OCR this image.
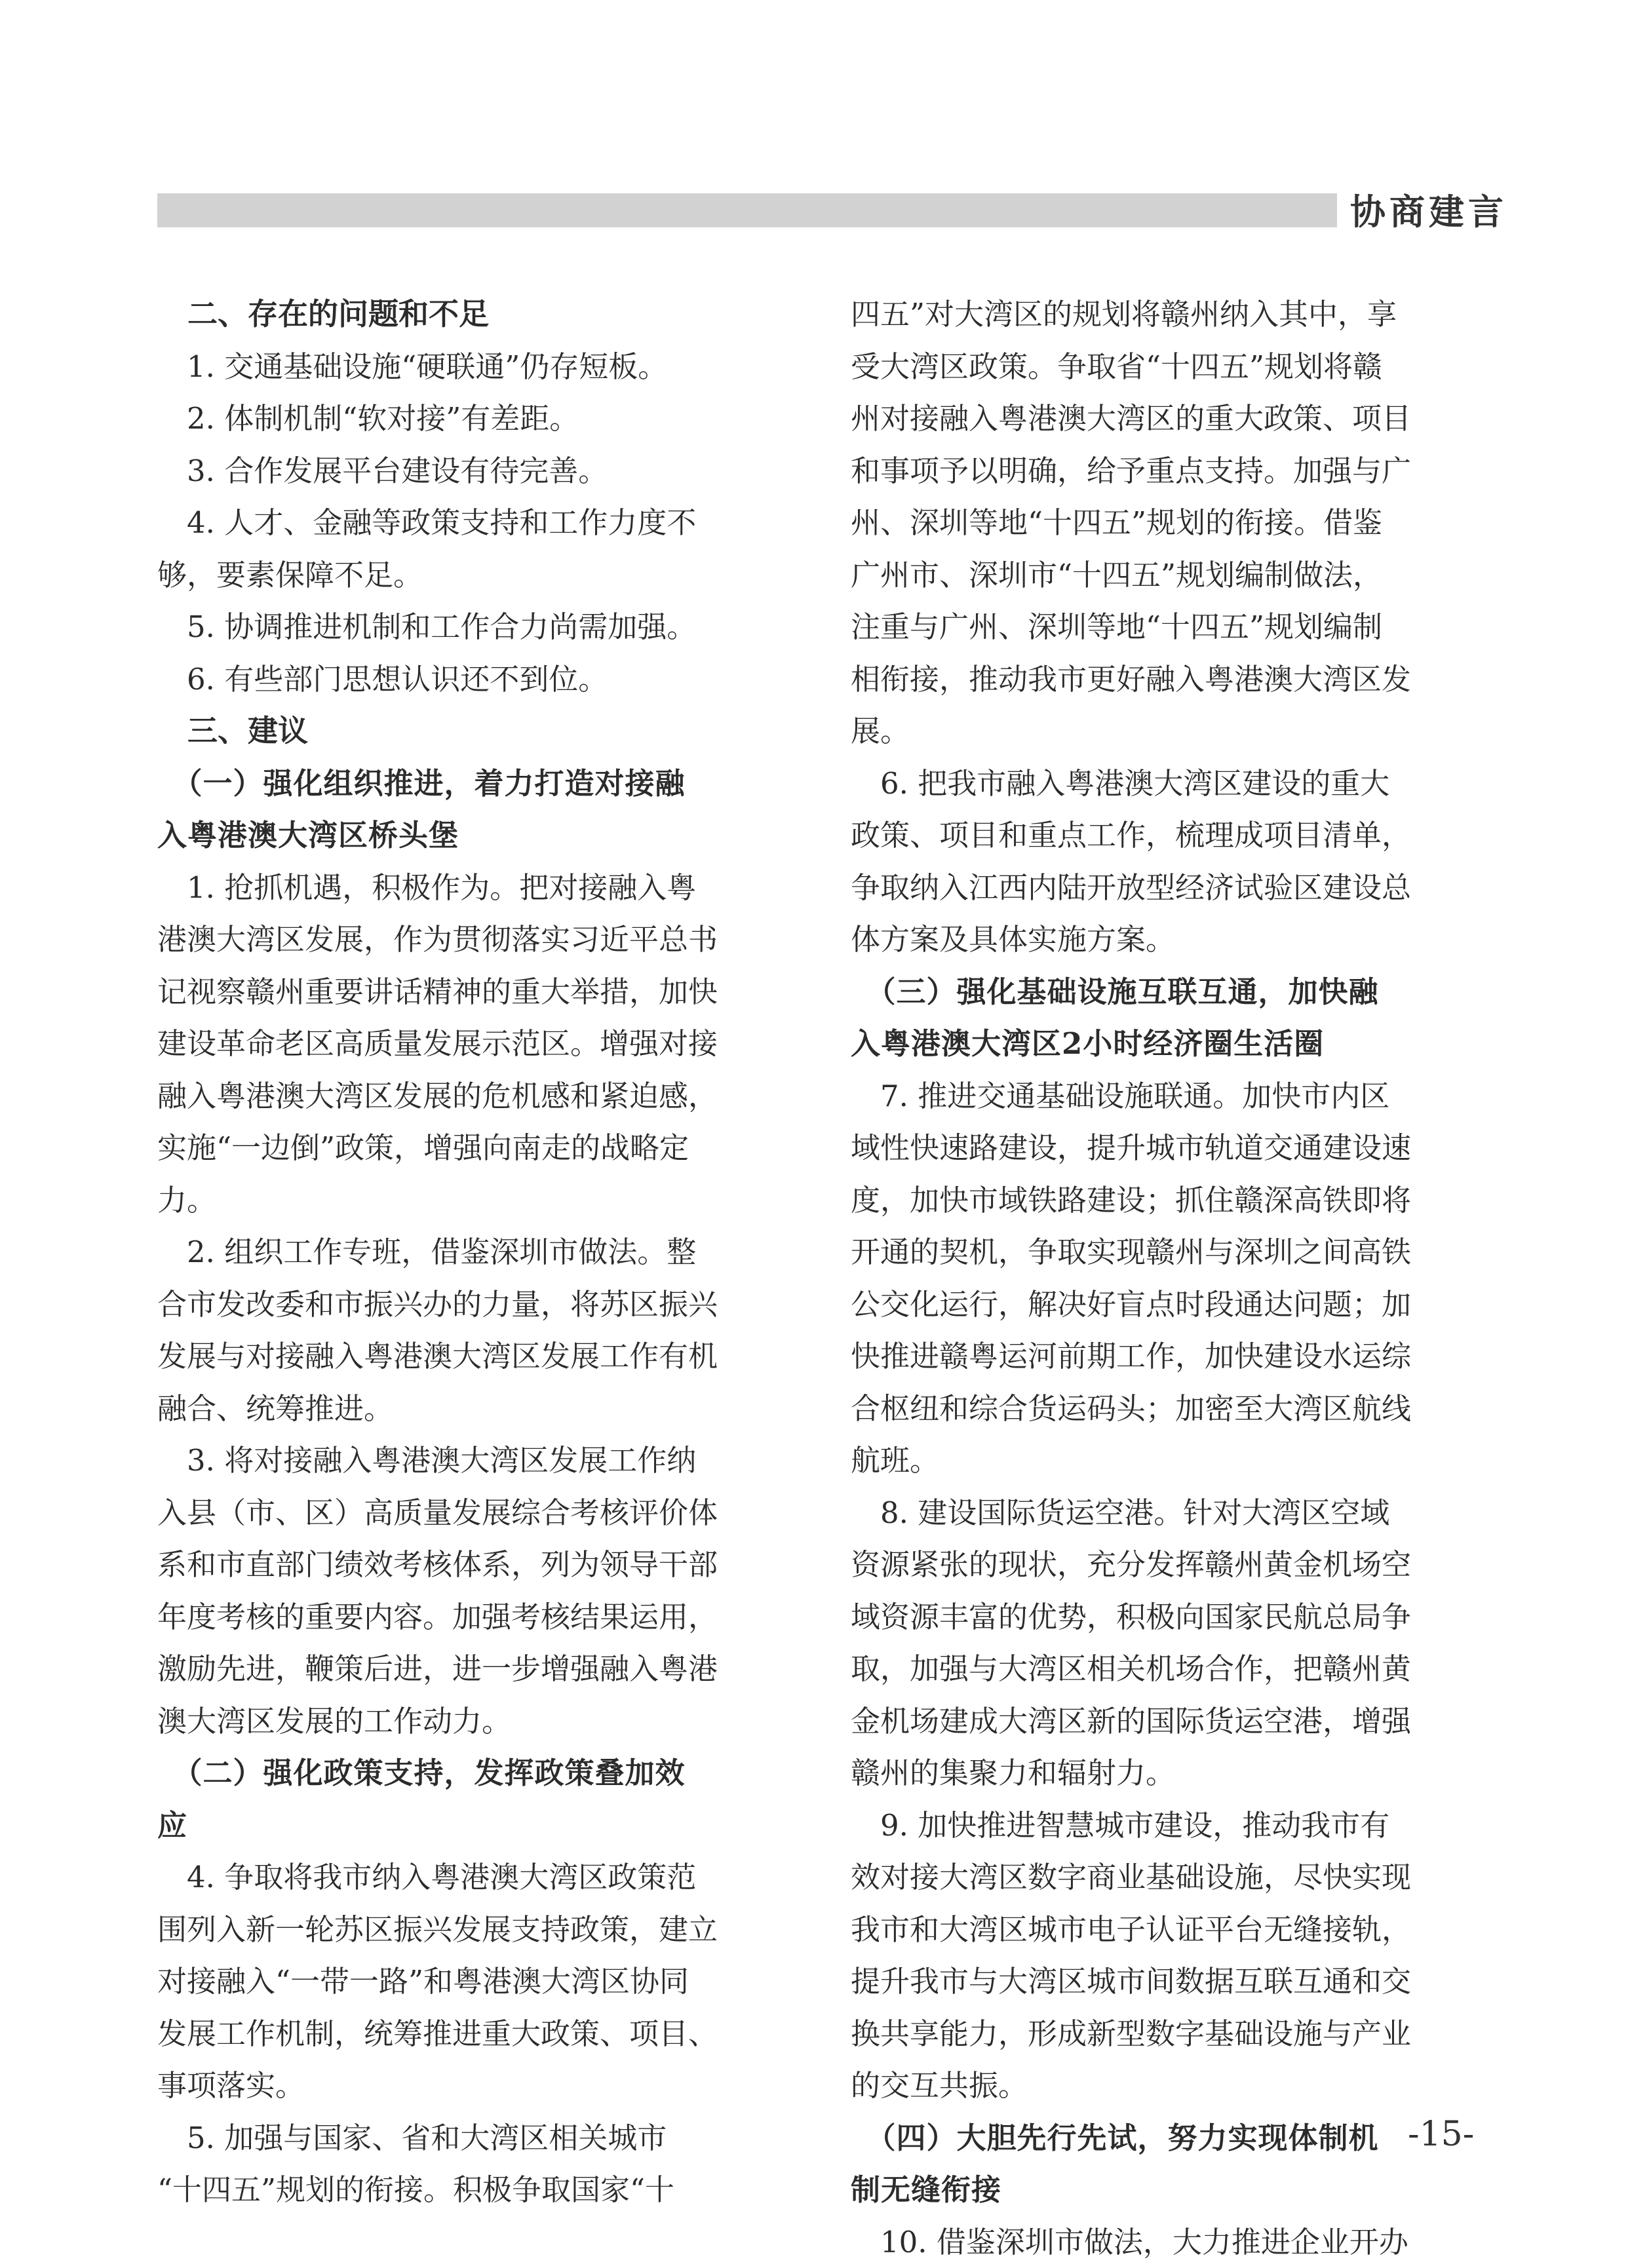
协商建言
　二、存在的问题和不足
　1. 交通基础设施“硬联通”仍存短板。
　2. 体制机制“软对接”有差距。
　3. 合作发展平台建设有待完善。
　4. 人才、金融等政策支持和工作力度不
够，要素保障不足。
　5. 协调推进机制和工作合力尚需加强。
　6. 有些部门思想认识还不到位。
　三、建议
　（一）强化组织推进，着力打造对接融
入粤港澳大湾区桥头堡
　1. 抢抓机遇，积极作为。把对接融入粤
港澳大湾区发展，作为贯彻落实习近平总书
记视察赣州重要讲话精神的重大举措，加快
建设革命老区高质量发展示范区。增强对接
融入粤港澳大湾区发展的危机感和紧迫感，
实施“一边倒”政策，增强向南走的战略定
力。
　2. 组织工作专班，借鉴深圳市做法。整
合市发改委和市振兴办的力量，将苏区振兴
发展与对接融入粤港澳大湾区发展工作有机
融合、统筹推进。
　3. 将对接融入粤港澳大湾区发展工作纳
入县（市、区）高质量发展综合考核评价体
系和市直部门绩效考核体系，列为领导干部
年度考核的重要内容。加强考核结果运用，
激励先进，鞭策后进，进一步增强融入粤港
澳大湾区发展的工作动力。
　（二）强化政策支持，发挥政策叠加效
应
　4. 争取将我市纳入粤港澳大湾区政策范
围列入新一轮苏区振兴发展支持政策，建立
对接融入“一带一路”和粤港澳大湾区协同
发展工作机制，统筹推进重大政策、项目、
事项落实。
　5. 加强与国家、省和大湾区相关城市
“十四五”规划的衔接。积极争取国家“十
四五”对大湾区的规划将赣州纳入其中，享
受大湾区政策。争取省“十四五”规划将赣
州对接融入粤港澳大湾区的重大政策、项目
和事项予以明确，给予重点支持。加强与广
州、深圳等地“十四五”规划的衔接。借鉴
广州市、深圳市“十四五”规划编制做法，
注重与广州、深圳等地“十四五”规划编制
相衔接，推动我市更好融入粤港澳大湾区发
展。
　6. 把我市融入粤港澳大湾区建设的重大
政策、项目和重点工作，梳理成项目清单，
争取纳入江西内陆开放型经济试验区建设总
体方案及具体实施方案。
　（三）强化基础设施互联互通，加快融
入粤港澳大湾区2小时经济圈生活圈
　7. 推进交通基础设施联通。加快市内区
域性快速路建设，提升城市轨道交通建设速
度，加快市域铁路建设；抓住赣深高铁即将
开通的契机，争取实现赣州与深圳之间高铁
公交化运行，解决好盲点时段通达问题；加
快推进赣粤运河前期工作，加快建设水运综
合枢纽和综合货运码头；加密至大湾区航线
航班。
　8. 建设国际货运空港。针对大湾区空域
资源紧张的现状，充分发挥赣州黄金机场空
域资源丰富的优势，积极向国家民航总局争
取，加强与大湾区相关机场合作，把赣州黄
金机场建成大湾区新的国际货运空港，增强
赣州的集聚力和辐射力。
　9. 加快推进智慧城市建设，推动我市有
效对接大湾区数字商业基础设施，尽快实现
我市和大湾区城市电子认证平台无缝接轨，
提升我市与大湾区城市间数据互联互通和交
换共享能力，形成新型数字基础设施与产业
的交互共振。
　（四）大胆先行先试，努力实现体制机
制无缝衔接
　10. 借鉴深圳市做法，大力推进企业开办
-15-
